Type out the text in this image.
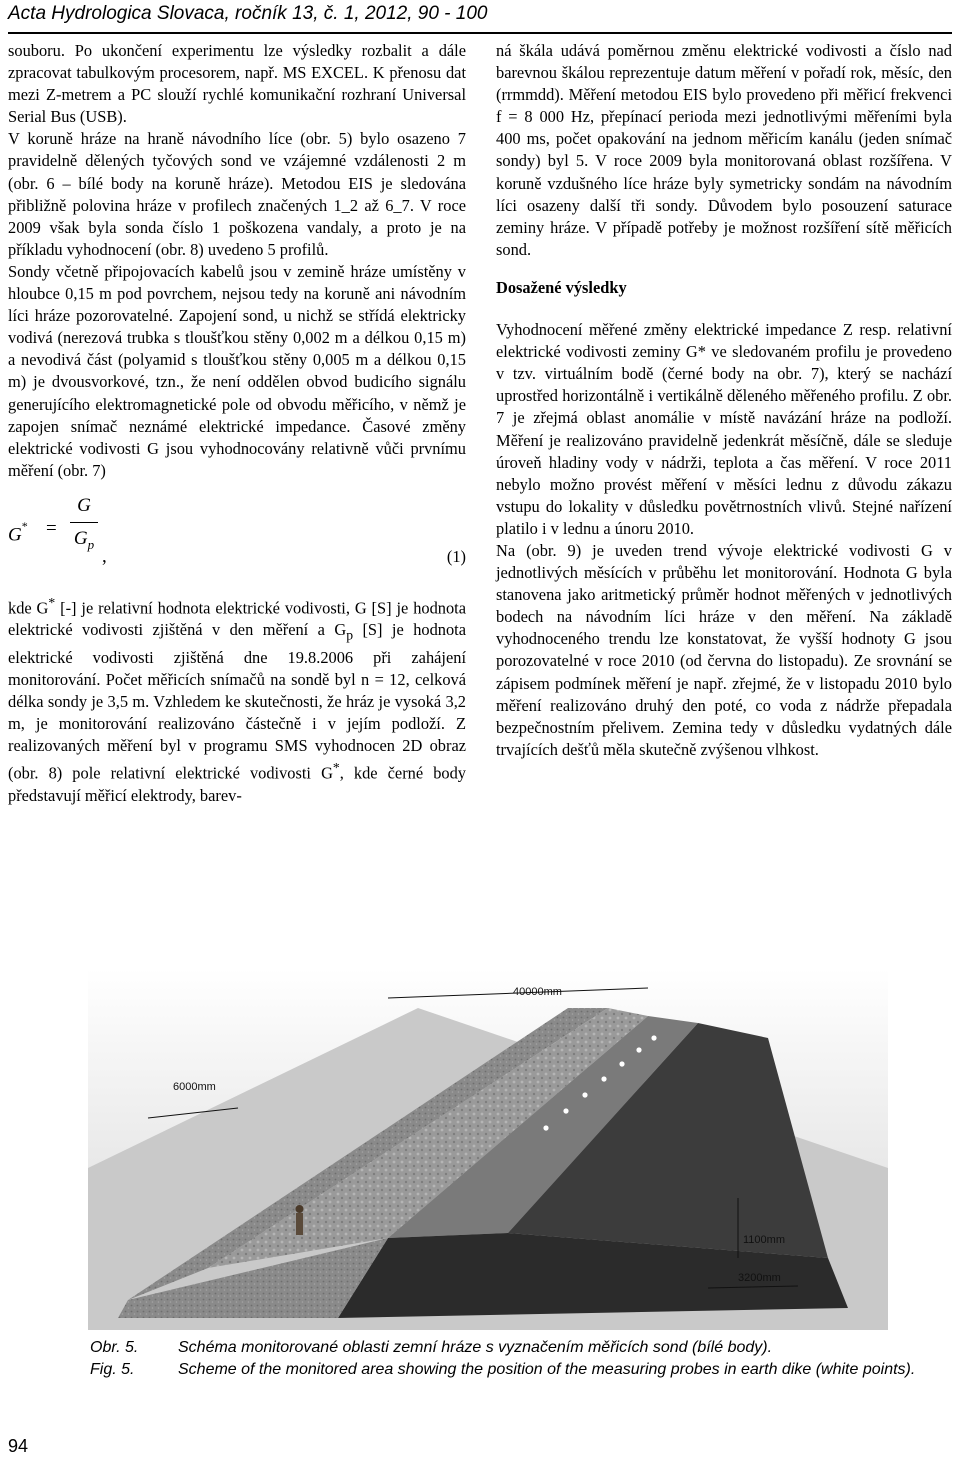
Acta Hydrologica Slovaca, ročník 13, č. 1, 2012, 90 - 100

souboru. Po ukončení experimentu lze výsledky rozbalit a dále zpracovat tabulkovým procesorem, např. MS EXCEL. K přenosu dat mezi Z-metrem a PC slouží rychlé komunikační rozhraní Universal Serial Bus (USB).

V koruně hráze na hraně návodního líce (obr. 5) bylo osazeno 7 pravidelně dělených tyčových sond ve vzájemné vzdálenosti 2 m (obr. 6 – bílé body na koruně hráze). Metodou EIS je sledována přibližně polovina hráze v profilech značených 1_2 až 6_7. V roce 2009 však byla sonda číslo 1 poškozena vandaly, a proto je na příkladu vyhodnocení (obr. 8) uvedeno 5 profilů.

Sondy včetně připojovacích kabelů jsou v zemině hráze umístěny v hloubce 0,15 m pod povrchem, nejsou tedy na koruně ani návodním líci hráze pozorovatelné. Zapojení sond, u nichž se střídá elektricky vodivá (nerezová trubka s tloušťkou stěny 0,002 m a délkou 0,15 m) a nevodivá část (polyamid s tloušťkou stěny 0,005 m a délkou 0,15 m) je dvousvorkové, tzn., že není oddělen obvod budicího signálu generujícího elektromagnetické pole od obvodu měřicího, v němž je zapojen snímač neznámé elektrické impedance. Časové změny elektrické vodivosti G jsou vyhodnocovány relativně vůči prvnímu měření (obr. 7)

G* =
G
$G_p$
,	(1)

kde G* [-] je relativní hodnota elektrické vodivosti, G [S] je hodnota elektrické vodivosti zjištěná v den měření a $G_p$ [S] je hodnota elektrické vodivosti zjištěná dne 19.8.2006 při zahájení monitorování. Počet měřicích snímačů na sondě byl n = 12, celková délka sondy je 3,5 m. Vzhledem ke skutečnosti, že hráz je vysoká 3,2 m, je monitorování realizováno částečně i v jejím podloží. Z realizovaných měření byl v programu SMS vyhodnocen 2D obraz (obr. 8) pole relativní elektrické vodivosti G*, kde černé body představují měřicí elektrody, barev-

ná škála udává poměrnou změnu elektrické vodivosti a číslo nad barevnou škálou reprezentuje datum měření v pořadí rok, měsíc, den (rrmmdd). Měření metodou EIS bylo provedeno při měřicí frekvenci f = 8 000 Hz, přepínací perioda mezi jednotlivými měřeními byla 400 ms, počet opakování na jednom měřicím kanálu (jeden snímač sondy) byl 5. V roce 2009 byla monitorovaná oblast rozšířena. V koruně vzdušného líce hráze byly symetricky sondám na návodním líci osazeny další tři sondy. Důvodem bylo posouzení saturace zeminy hráze. V případě potřeby je možnost rozšíření sítě měřicích sond.

Dosažené výsledky

Vyhodnocení měřené změny elektrické impedance Z resp. relativní elektrické vodivosti zeminy G* ve sledovaném profilu je provedeno v tzv. virtuálním bodě (černé body na obr. 7), který se nachází uprostřed horizontálně i vertikálně děleného měřeného profilu. Z obr. 7 je zřejmá oblast anomálie v místě navázání hráze na podloží. Měření je realizováno pravidelně jedenkrát měsíčně, dále se sleduje úroveň hladiny vody v nádrži, teplota a čas měření. V roce 2011 nebylo možno provést měření v měsíci lednu z důvodu zákazu vstupu do lokality v důsledku povětrnostních vlivů. Stejné nařízení platilo i v lednu a únoru 2010.

Na (obr. 9) je uveden trend vývoje elektrické vodivosti G v jednotlivých měsících v průběhu let monitorování. Hodnota G byla stanovena jako aritmetický průměr hodnot měřených v jednotlivých bodech na návodním líci hráze v den měření. Na základě vyhodnoceného trendu lze konstatovat, že vyšší hodnoty G jsou porozovatelné v roce 2010 (od června do listopadu). Ze srovnání se zápisem podmínek měření je např. zřejmé, že v listopadu 2010 bylo měření realizováno druhý den poté, co voda z nádrže přepadala bezpečnostním přelivem. Zemina tedy v důsledku vydatných dále trvajících dešťů měla skutečně zvýšenou vlhkost.

40000mm
6000mm
1100mm
3200mm
Obr. 5.	Schéma monitorované oblasti zemní hráze s vyznačením měřicích sond (bílé body).
Fig. 5.	Scheme of the monitored area showing the position of the measuring probes in earth dike (white points).
94
